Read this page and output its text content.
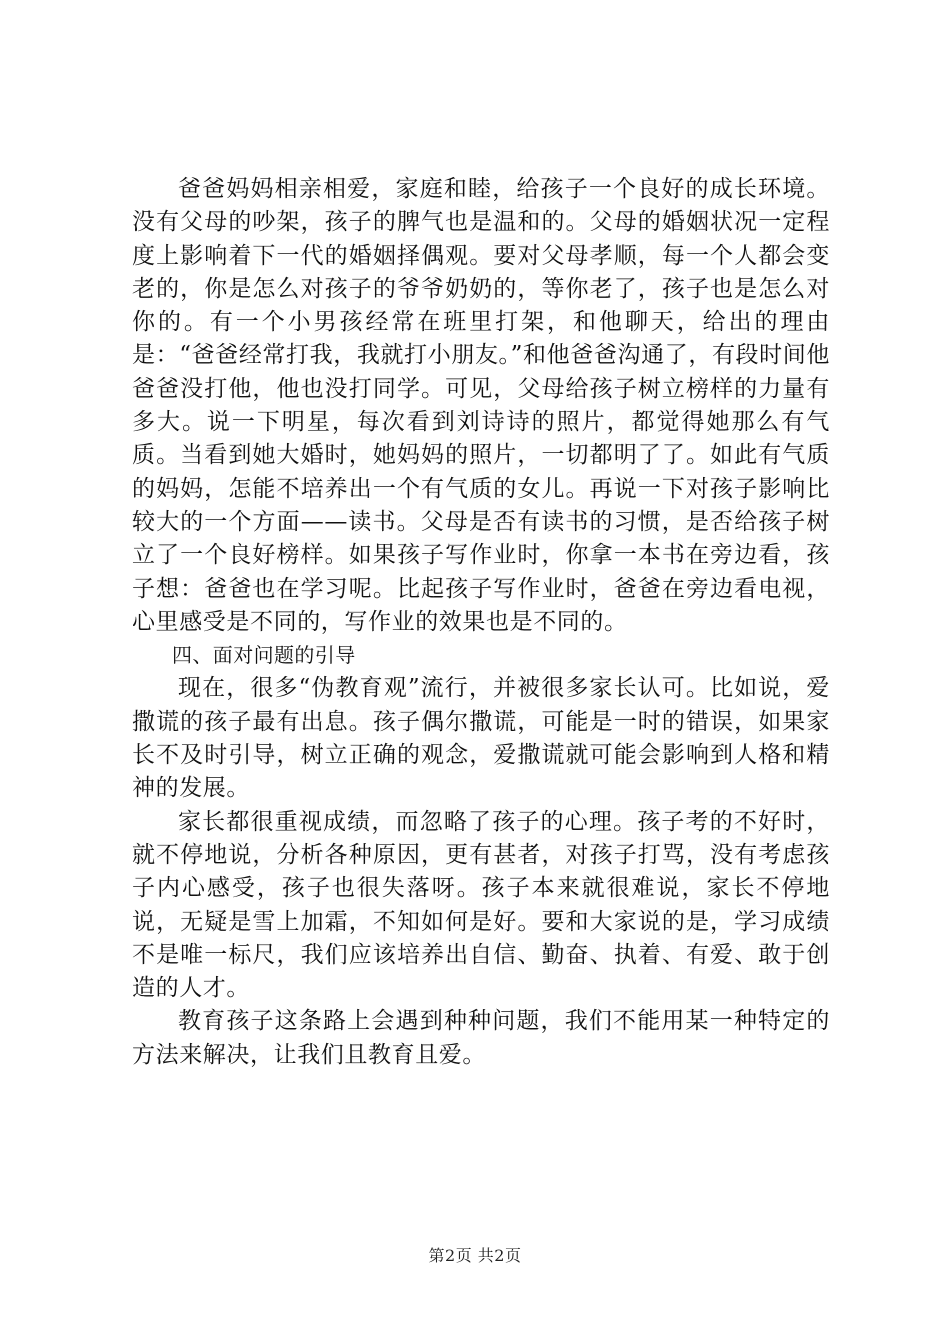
爸爸妈妈相亲相爱，家庭和睦，给孩子一个良好的成长环境。没有父母的吵架，孩子的脾气也是温和的。父母的婚姻状况一定程度上影响着下一代的婚姻择偶观。要对父母孝顺，每一个人都会变老的，你是怎么对孩子的爷爷奶奶的，等你老了，孩子也是怎么对你的。有一个小男孩经常在班里打架，和他聊天，给出的理由是：“爸爸经常打我，我就打小朋友。”和他爸爸沟通了，有段时间他爸爸没打他，他也没打同学。可见，父母给孩子树立榜样的力量有多大。说一下明星，每次看到刘诗诗的照片，都觉得她那么有气质。当看到她大婚时，她妈妈的照片，一切都明了了。如此有气质的妈妈，怎能不培养出一个有气质的女儿。再说一下对孩子影响比较大的一个方面——读书。父母是否有读书的习惯，是否给孩子树立了一个良好榜样。如果孩子写作业时，你拿一本书在旁边看，孩子想：爸爸也在学习呢。比起孩子写作业时，爸爸在旁边看电视，心里感受是不同的，写作业的效果也是不同的。

四、面对问题的引导

现在，很多“伪教育观”流行，并被很多家长认可。比如说，爱撒谎的孩子最有出息。孩子偶尔撒谎，可能是一时的错误，如果家长不及时引导，树立正确的观念，爱撒谎就可能会影响到人格和精神的发展。

家长都很重视成绩，而忽略了孩子的心理。孩子考的不好时，就不停地说，分析各种原因，更有甚者，对孩子打骂，没有考虑孩子内心感受，孩子也很失落呀。孩子本来就很难说，家长不停地说，无疑是雪上加霜，不知如何是好。要和大家说的是，学习成绩不是唯一标尺，我们应该培养出自信、勤奋、执着、有爱、敢于创造的人才。

教育孩子这条路上会遇到种种问题，我们不能用某一种特定的方法来解决，让我们且教育且爱。

第2页 共2页
